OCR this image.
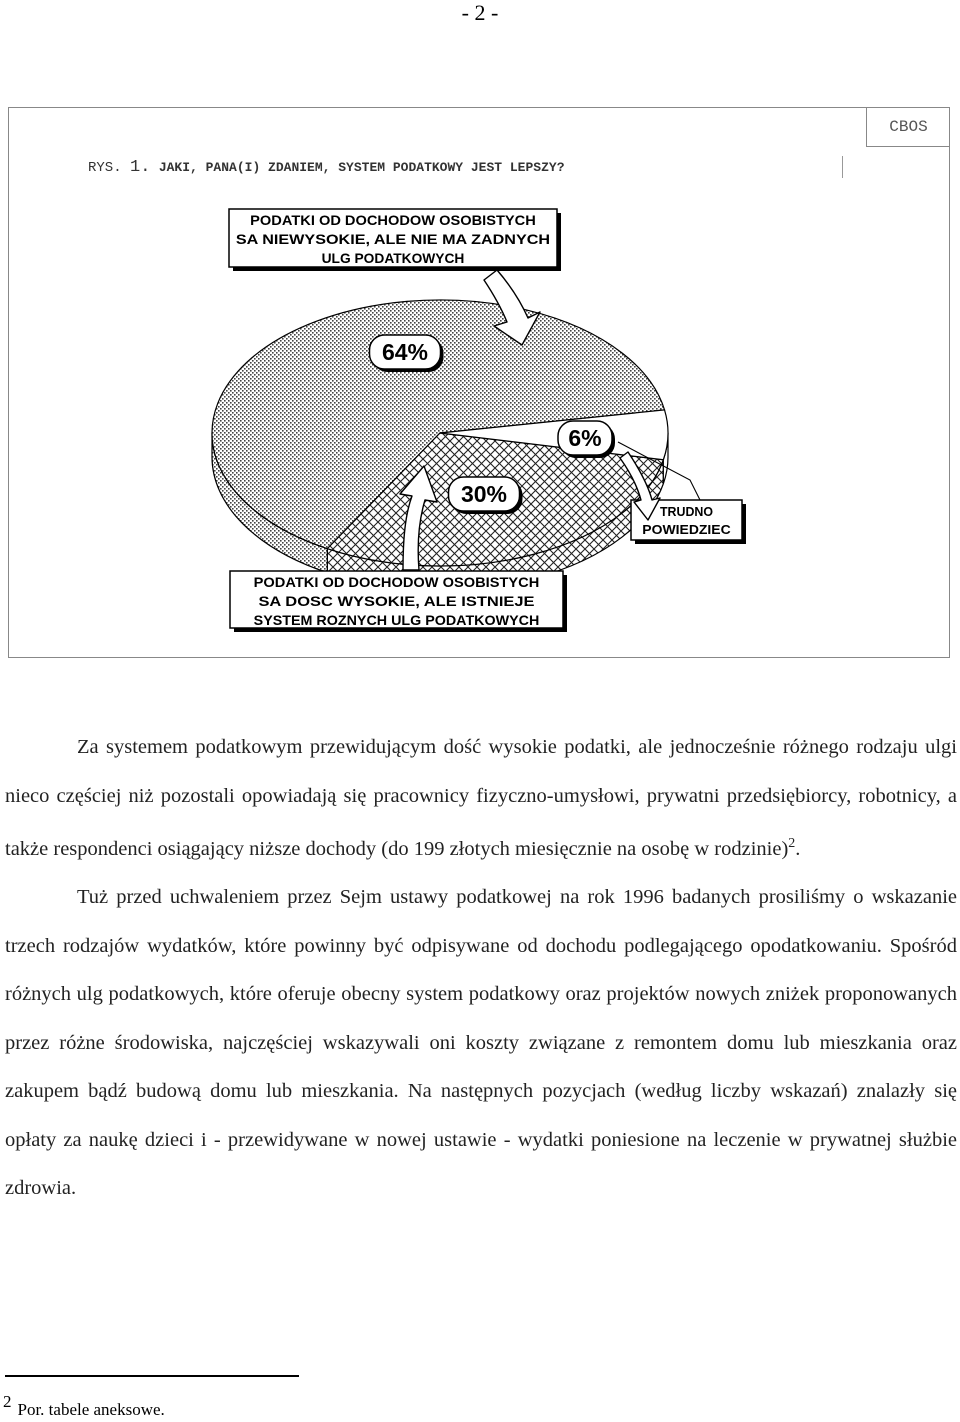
- 2 -
CBOS
RYS. 1. JAKI, PANA(I) ZDANIEM, SYSTEM PODATKOWY JEST LEPSZY?
64%
30%
6%
PODATKI OD DOCHODOW OSOBISTYCH
SA NIEWYSOKIE, ALE NIE MA ZADNYCH
ULG PODATKOWYCH
PODATKI OD DOCHODOW OSOBISTYCH
SA DOSC WYSOKIE, ALE ISTNIEJE
SYSTEM ROZNYCH ULG PODATKOWYCH
TRUDNO
POWIEDZIEC

Za systemem podatkowym przewidującym dość wysokie podatki, ale jednocześnie różnego rodzaju ulgi nieco częściej niż pozostali opowiadają się pracownicy fizyczno-umysłowi, prywatni przedsiębiorcy, robotnicy, a także respondenci osiągający niższe dochody (do 199 złotych miesięcznie na osobę w rodzinie)$^2$.

Tuż przed uchwaleniem przez Sejm ustawy podatkowej na rok 1996 badanych prosiliśmy o wskazanie trzech rodzajów wydatków, które powinny być odpisywane od dochodu podlegającego opodatkowaniu. Spośród różnych ulg podatkowych, które oferuje obecny system podatkowy oraz projektów nowych zniżek proponowanych przez różne środowiska, najczęściej wskazywali oni koszty związane z remontem domu lub mieszkania oraz zakupem bądź budową domu lub mieszkania. Na następnych pozycjach (według liczby wskazań) znalazły się opłaty za naukę dzieci i - przewidywane w nowej ustawie - wydatki poniesione na leczenie w prywatnej służbie zdrowia.

$^2$ Por. tabele aneksowe.
